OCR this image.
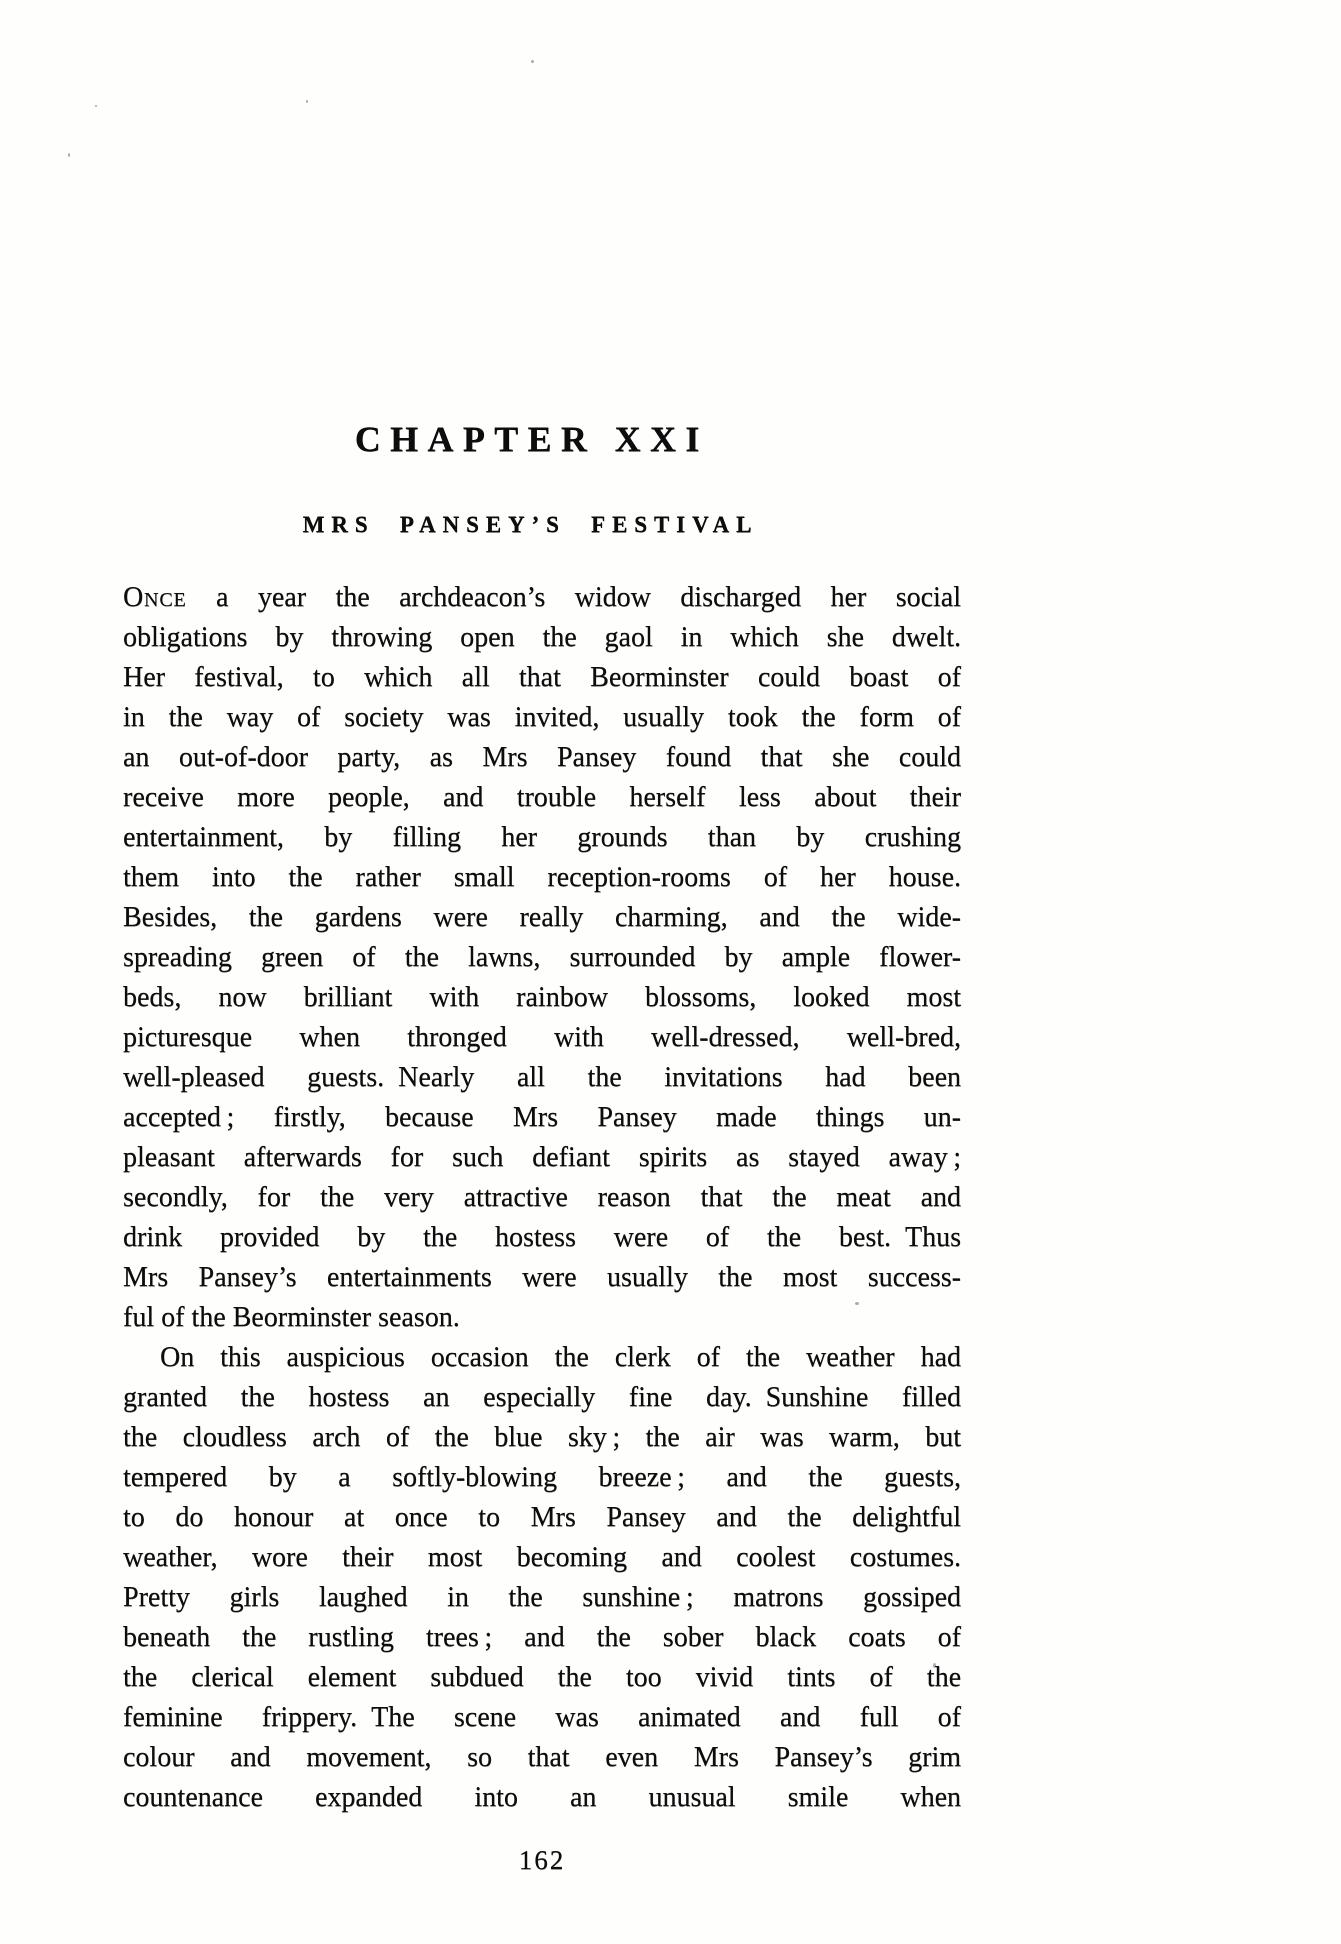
CHAPTER XXI
MRS PANSEY’S FESTIVAL
Once a year the archdeacon’s widow discharged her social
obligations by throwing open the gaol in which she dwelt.
Her festival, to which all that Beorminster could boast of
in the way of society was invited, usually took the form of
an out-of-door party, as Mrs Pansey found that she could
receive more people, and trouble herself less about their
entertainment, by filling her grounds than by crushing
them into the rather small reception-rooms of her house.
Besides, the gardens were really charming, and the wide-
spreading green of the lawns, surrounded by ample flower-
beds, now brilliant with rainbow blossoms, looked most
picturesque when thronged with well-dressed, well-bred,
well-pleased guests. Nearly all the invitations had been
accepted ; firstly, because Mrs Pansey made things un-
pleasant afterwards for such defiant spirits as stayed away ;
secondly, for the very attractive reason that the meat and
drink provided by the hostess were of the best. Thus
Mrs Pansey’s entertainments were usually the most success-
ful of the Beorminster season.
On this auspicious occasion the clerk of the weather had
granted the hostess an especially fine day. Sunshine filled
the cloudless arch of the blue sky ; the air was warm, but
tempered by a softly-blowing breeze ; and the guests,
to do honour at once to Mrs Pansey and the delightful
weather, wore their most becoming and coolest costumes.
Pretty girls laughed in the sunshine ; matrons gossiped
beneath the rustling trees ; and the sober black coats of
the clerical element subdued the too vivid tints of the
feminine frippery. The scene was animated and full of
colour and movement, so that even Mrs Pansey’s grim
countenance expanded into an unusual smile when
162
